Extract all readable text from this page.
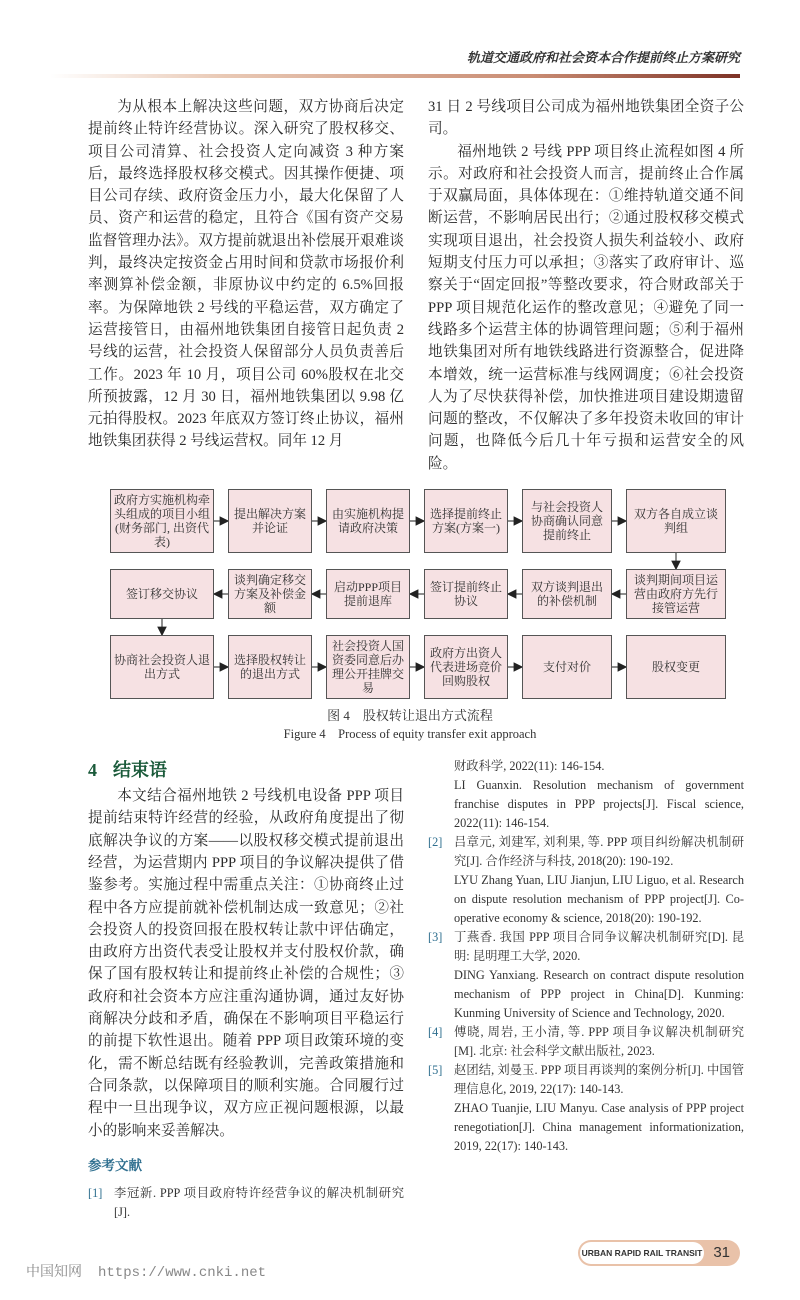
轨道交通政府和社会资本合作提前终止方案研究

为从根本上解决这些问题，双方协商后决定提前终止特许经营协议。深入研究了股权移交、项目公司清算、社会投资人定向减资 3 种方案后，最终选择股权移交模式。因其操作便捷、项目公司存续、政府资金压力小，最大化保留了人员、资产和运营的稳定，且符合《国有资产交易监督管理办法》。双方提前就退出补偿展开艰难谈判，最终决定按资金占用时间和贷款市场报价利率测算补偿金额，非原协议中约定的 6.5%回报率。为保障地铁 2 号线的平稳运营，双方确定了运营接管日，由福州地铁集团自接管日起负责 2 号线的运营，社会投资人保留部分人员负责善后工作。2023 年 10 月，项目公司 60%股权在北交所预披露，12 月 30 日，福州地铁集团以 9.98 亿元拍得股权。2023 年底双方签订终止协议，福州地铁集团获得 2 号线运营权。同年 12 月

31 日 2 号线项目公司成为福州地铁集团全资子公司。

福州地铁 2 号线 PPP 项目终止流程如图 4 所示。对政府和社会投资人而言，提前终止合作属于双赢局面，具体体现在：①维持轨道交通不间断运营，不影响居民出行；②通过股权移交模式实现项目退出，社会投资人损失利益较小、政府短期支付压力可以承担；③落实了政府审计、巡察关于“固定回报”等整改要求，符合财政部关于 PPP 项目规范化运作的整改意见；④避免了同一线路多个运营主体的协调管理问题；⑤利于福州地铁集团对所有地铁线路进行资源整合，促进降本增效，统一运营标准与线网调度；⑥社会投资人为了尽快获得补偿，加快推进项目建设期遗留问题的整改，不仅解决了多年投资未收回的审计问题，也降低今后几十年亏损和运营安全的风险。

政府方实施机构牵头组成的项目小组 (财务部门, 出资代表)
提出解决方案并论证
由实施机构提请政府决策
选择提前终止方案(方案一)
与社会投资人协商确认同意提前终止
双方各自成立谈判组
签订移交协议
谈判确定移交方案及补偿金额
启动PPP项目提前退库
签订提前终止协议
双方谈判退出的补偿机制
谈判期间项目运营由政府方先行接管运营
协商社会投资人退出方式
选择股权转让的退出方式
社会投资人国资委同意后办理公开挂牌交易
政府方出资人代表进场竞价回购股权
支付对价	股权变更
图 4　股权转让退出方式流程
Figure 4　Process of equity transfer exit approach
4 结束语

本文结合福州地铁 2 号线机电设备 PPP 项目提前结束特许经营的经验，从政府角度提出了彻底解决争议的方案——以股权移交模式提前退出经营，为运营期内 PPP 项目的争议解决提供了借鉴参考。实施过程中需重点关注：①协商终止过程中各方应提前就补偿机制达成一致意见；②社会投资人的投资回报在股权转让款中评估确定，由政府方出资代表受让股权并支付股权价款，确保了国有股权转让和提前终止补偿的合规性；③政府和社会资本方应注重沟通协调，通过友好协商解决分歧和矛盾，确保在不影响项目平稳运行的前提下软性退出。随着 PPP 项目政策环境的变化，需不断总结既有经验教训，完善政策措施和合同条款，以保障项目的顺利实施。合同履行过程中一旦出现争议，双方应正视问题根源，以最小的影响来妥善解决。

参考文献
[1] 李冠新. PPP 项目政府特许经营争议的解决机制研究[J].
财政科学, 2022(11): 146-154.
LI Guanxin. Resolution mechanism of government franchise disputes in PPP projects[J]. Fiscal science, 2022(11): 146-154.
[2] 吕章元, 刘建军, 刘利果, 等. PPP 项目纠纷解决机制研究[J]. 合作经济与科技, 2018(20): 190-192.
LYU Zhang Yuan, LIU Jianjun, LIU Liguo, et al. Research on dispute resolution mechanism of PPP project[J]. Co-operative economy & science, 2018(20): 190-192.
[3] 丁燕香. 我国 PPP 项目合同争议解决机制研究[D]. 昆明: 昆明理工大学, 2020.
DING Yanxiang. Research on contract dispute resolution mechanism of PPP project in China[D]. Kunming: Kunming University of Science and Technology, 2020.
[4] 傅晓, 周岩, 王小清, 等. PPP 项目争议解决机制研究[M]. 北京: 社会科学文献出版社, 2023.
[5] 赵团结, 刘曼玉. PPP 项目再谈判的案例分析[J]. 中国管理信息化, 2019, 22(17): 140-143.
ZHAO Tuanjie, LIU Manyu. Case analysis of PPP project renegotiation[J]. China management informationization, 2019, 22(17): 140-143.
中国知网 https://www.cnki.net
URBAN RAPID RAIL TRANSIT 31
